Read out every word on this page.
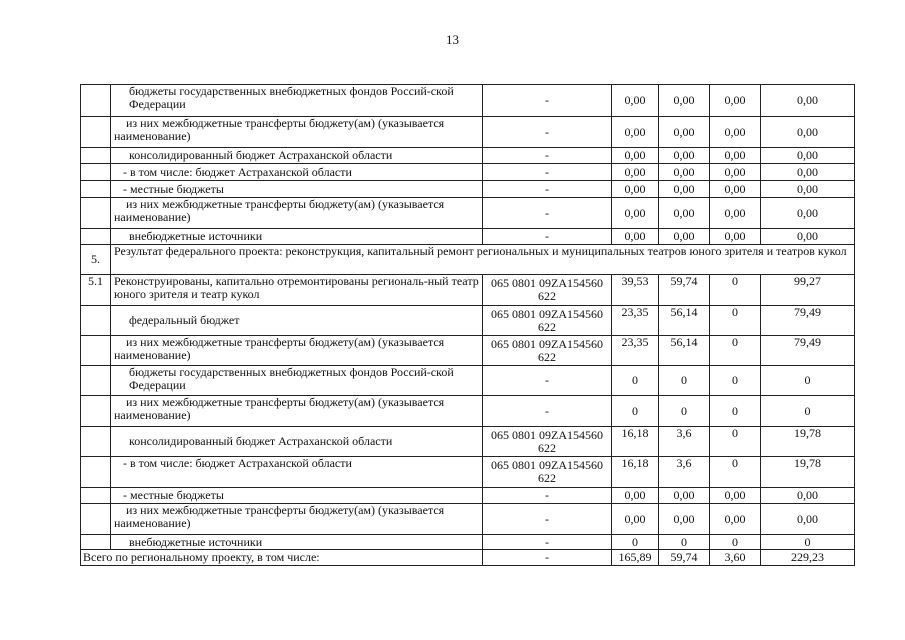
13
	бюджеты государственных внебюджетных фондов Россий-ской Федерации	-	0,00	0,00	0,00	0,00
	из них межбюджетные трансферты бюджету(ам) (указывается наименование)	-	0,00	0,00	0,00	0,00
	консолидированный бюджет Астраханской области	-	0,00	0,00	0,00	0,00
	- в том числе: бюджет Астраханской области	-	0,00	0,00	0,00	0,00
	- местные бюджеты	-	0,00	0,00	0,00	0,00
	из них межбюджетные трансферты бюджету(ам) (указывается наименование)	-	0,00	0,00	0,00	0,00
	внебюджетные источники	-	0,00	0,00	0,00	0,00
5.	Результат федерального проекта: реконструкция, капитальный ремонт региональных и муниципальных театров юного зрителя и театров кукол					
5.1	Реконструированы, капитально отремонтированы региональ-ный театр юного зрителя и театр кукол	065 0801 09ZA154560 622	39,53	59,74	0	99,27
	федеральный бюджет	065 0801 09ZA154560 622	23,35	56,14	0	79,49
	из них межбюджетные трансферты бюджету(ам) (указывается наименование)	065 0801 09ZA154560 622	23,35	56,14	0	79,49
	бюджеты государственных внебюджетных фондов Россий-ской Федерации	-	0	0	0	0
	из них межбюджетные трансферты бюджету(ам) (указывается наименование)	-	0	0	0	0
	консолидированный бюджет Астраханской области	065 0801 09ZA154560 622	16,18	3,6	0	19,78
	- в том числе: бюджет Астраханской области	065 0801 09ZA154560 622	16,18	3,6	0	19,78
	- местные бюджеты	-	0,00	0,00	0,00	0,00
	из них межбюджетные трансферты бюджету(ам) (указывается наименование)	-	0,00	0,00	0,00	0,00
	внебюджетные источники	-	0	0	0	0
Всего по региональному проекту, в том числе:		-	165,89	59,74	3,60	229,23
